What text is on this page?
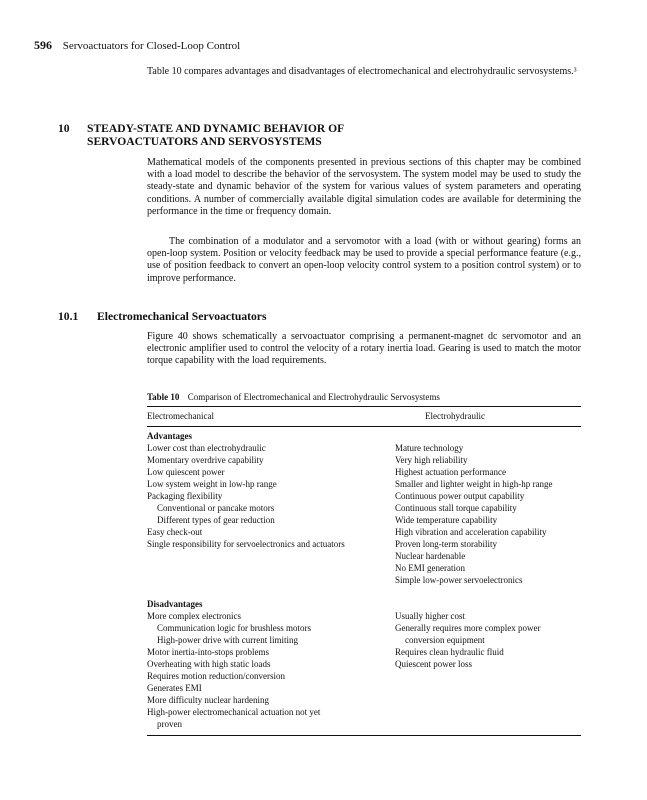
596 Servoactuators for Closed-Loop Control

Table 10 compares advantages and disadvantages of electromechanical and electrohydraulic servosystems.³

10 STEADY-STATE AND DYNAMIC BEHAVIOR OF
SERVOACTUATORS AND SERVOSYSTEMS

Mathematical models of the components presented in previous sections of this chapter may be combined with a load model to describe the behavior of the servosystem. The system model may be used to study the steady-state and dynamic behavior of the system for various values of system parameters and operating conditions. A number of commercially available digital simulation codes are available for determining the performance in the time or frequency domain.

The combination of a modulator and a servomotor with a load (with or without gearing) forms an open-loop system. Position or velocity feedback may be used to provide a special performance feature (e.g., use of position feedback to convert an open-loop velocity control system to a position control system) or to improve performance.

10.1 Electromechanical Servoactuators

Figure 40 shows schematically a servoactuator comprising a permanent-magnet dc servomotor and an electronic amplifier used to control the velocity of a rotary inertia load. Gearing is used to match the motor torque capability with the load requirements.

Table 10 Comparison of Electromechanical and Electrohydraulic Servosystems
Electromechanical	Electrohydraulic
Advantages
Lower cost than electrohydraulic
Momentary overdrive capability
Low quiescent power
Low system weight in low-hp range
Packaging flexibility
Conventional or pancake motors
Different types of gear reduction
Easy check-out
Single responsibility for servoelectronics and actuators
Mature technology
Very high reliability
Highest actuation performance
Smaller and lighter weight in high-hp range
Continuous power output capability
Continuous stall torque capability
Wide temperature capability
High vibration and acceleration capability
Proven long-term storability
Nuclear hardenable
No EMI generation
Simple low-power servoelectronics
Disadvantages
More complex electronics
Communication logic for brushless motors
High-power drive with current limiting
Motor inertia-into-stops problems
Overheating with high static loads
Requires motion reduction/conversion
Generates EMI
More difficulty nuclear hardening
High-power electromechanical actuation not yet
proven
Usually higher cost
Generally requires more complex power
conversion equipment
Requires clean hydraulic fluid
Quiescent power loss
